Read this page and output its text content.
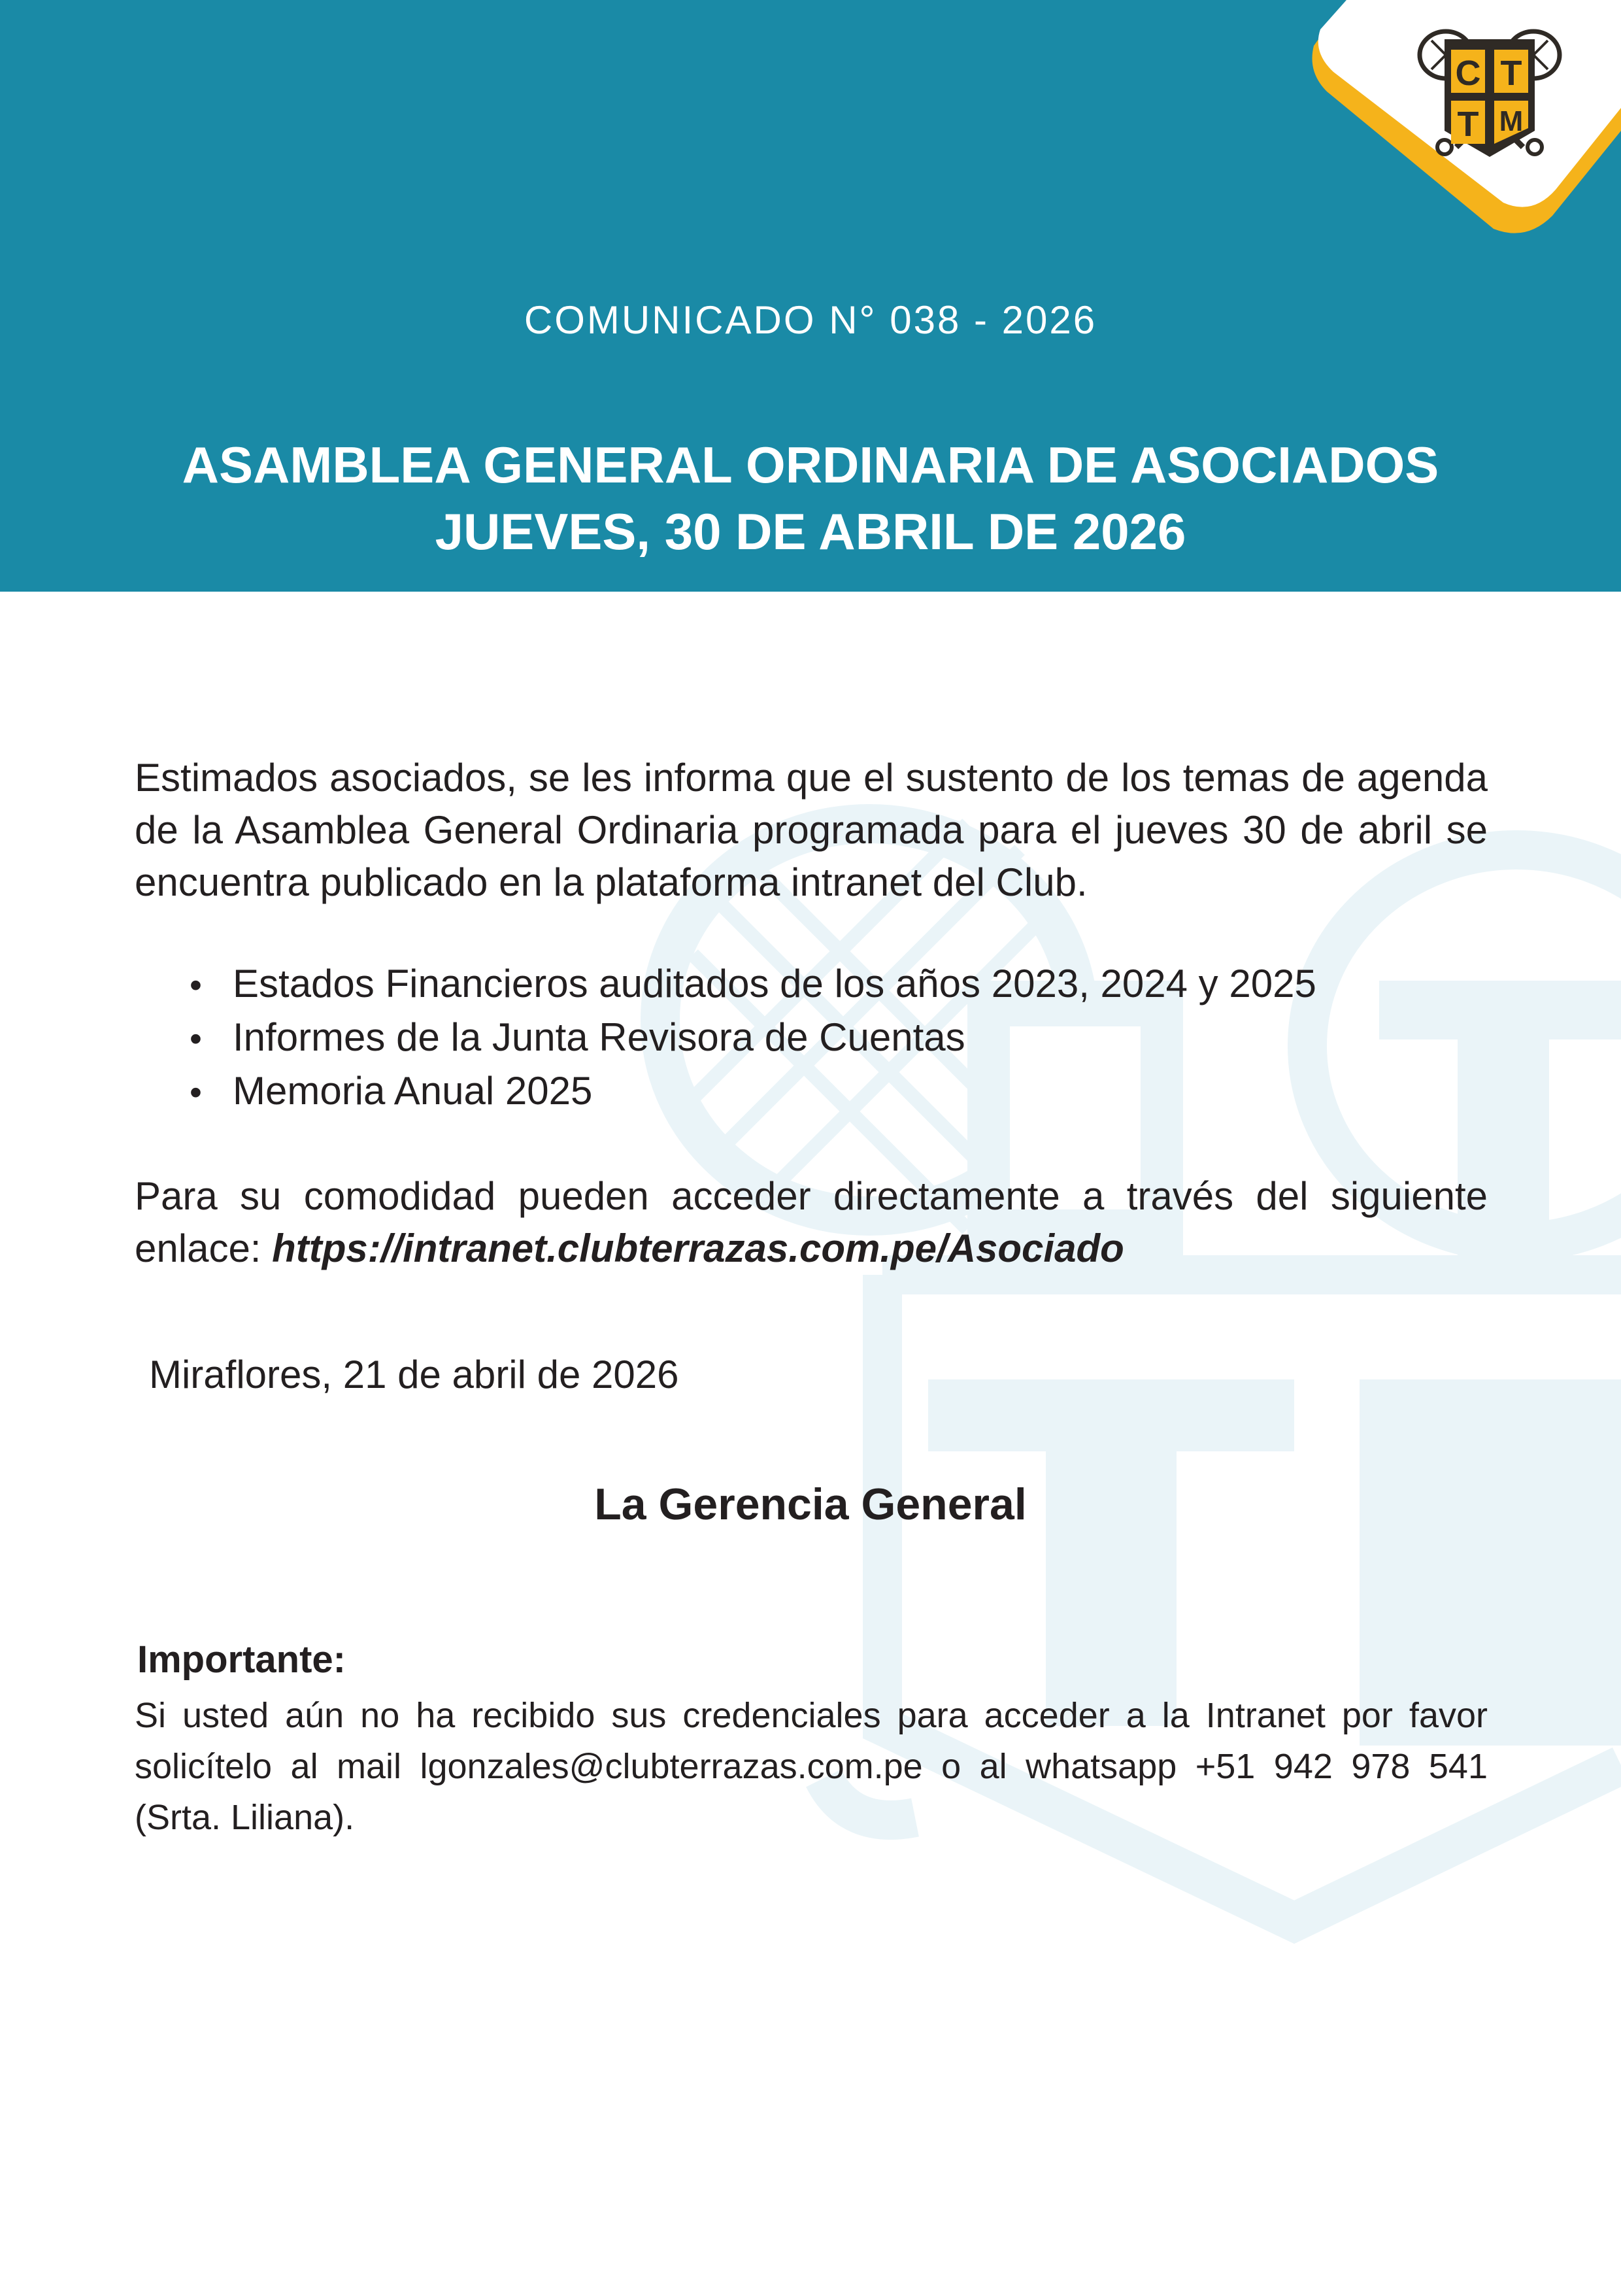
C T
T M
COMUNICADO N° 038 - 2026
ASAMBLEA GENERAL ORDINARIA DE ASOCIADOS
JUEVES, 30 DE ABRIL DE 2026
Estimados asociados, se les informa que el sustento de los temas de agenda de la Asamblea General Ordinaria programada para el jueves 30 de abril se encuentra publicado en la plataforma intranet del Club.
• Estados Financieros auditados de los años 2023, 2024 y 2025
• Informes de la Junta Revisora de Cuentas
• Memoria Anual 2025
Para su comodidad pueden acceder directamente a través del siguiente enlace: https://intranet.clubterrazas.com.pe/Asociado
Miraflores, 21 de abril de 2026
La Gerencia General
Importante:
Si usted aún no ha recibido sus credenciales para acceder a la Intranet por favor solicítelo al mail lgonzales@clubterrazas.com.pe o al whatsapp +51 942 978 541 (Srta. Liliana).
